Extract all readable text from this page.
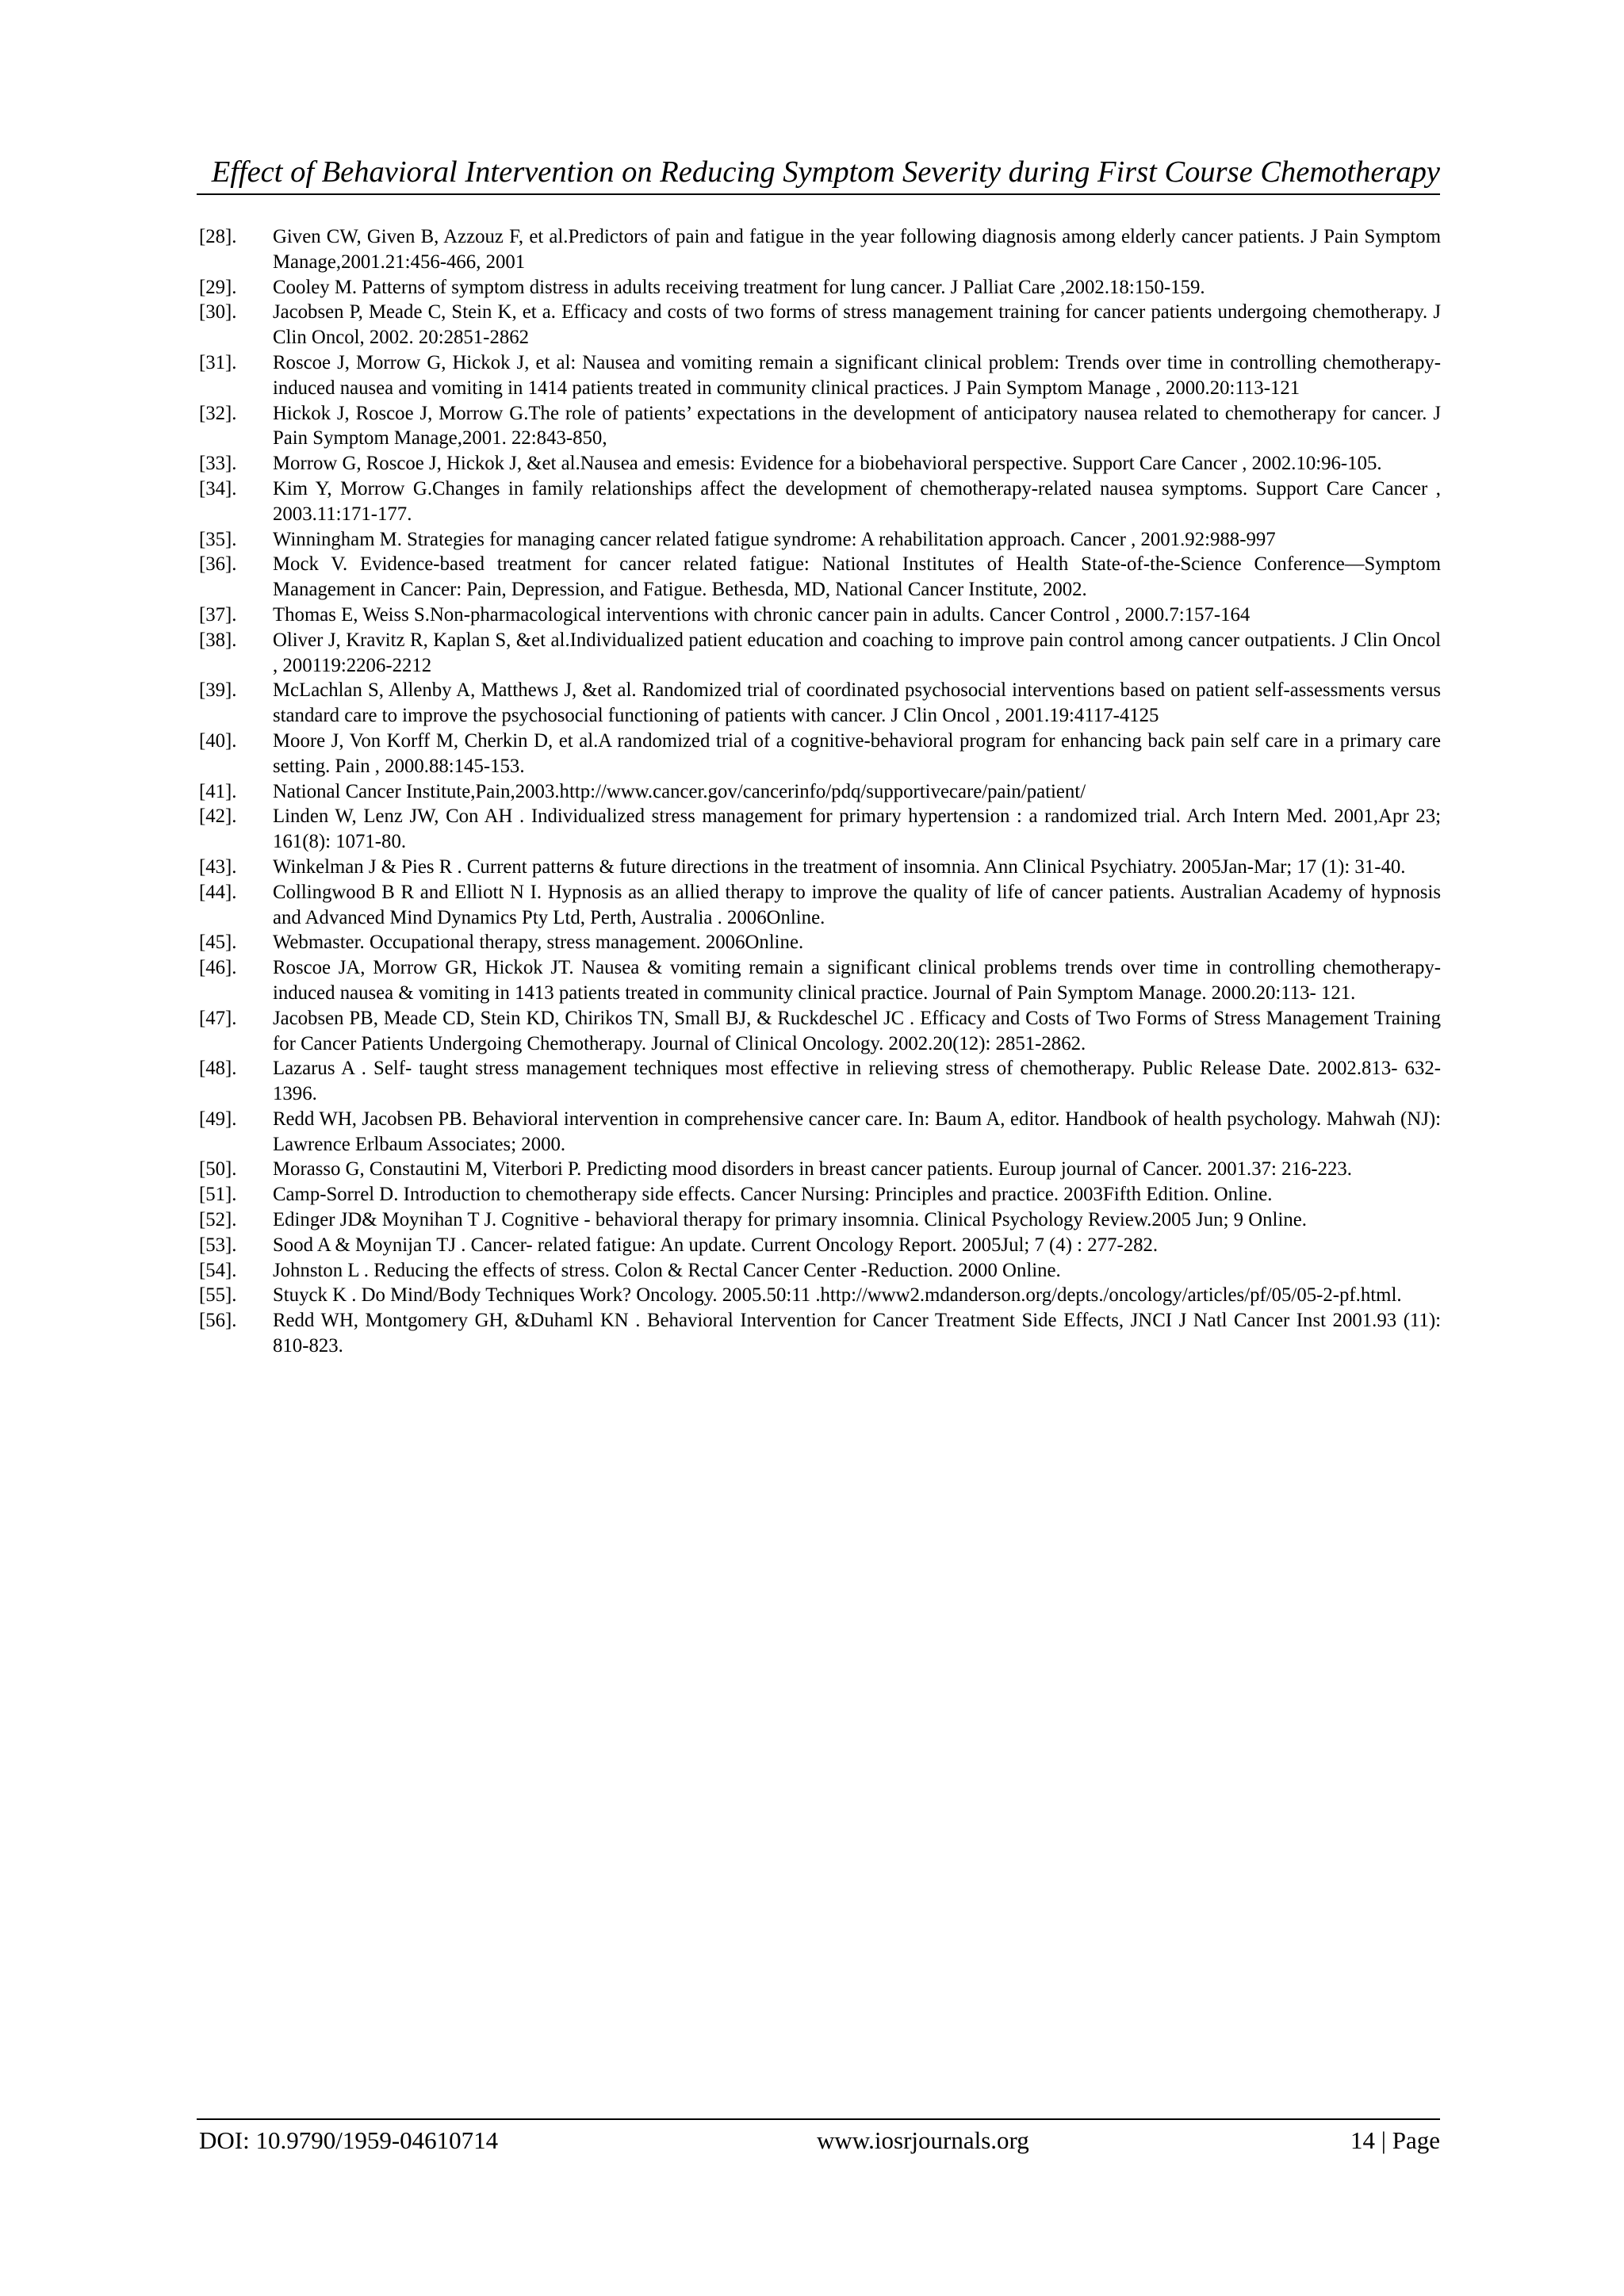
Effect of Behavioral Intervention on Reducing Symptom Severity during First Course Chemotherapy
[28]. Given CW, Given B, Azzouz F, et al.Predictors of pain and fatigue in the year following diagnosis among elderly cancer patients. J Pain Symptom Manage,2001.21:456-466, 2001
[29]. Cooley M. Patterns of symptom distress in adults receiving treatment for lung cancer. J Palliat Care ,2002.18:150-159.
[30]. Jacobsen P, Meade C, Stein K, et a. Efficacy and costs of two forms of stress management training for cancer patients undergoing chemotherapy. J Clin Oncol, 2002. 20:2851-2862
[31]. Roscoe J, Morrow G, Hickok J, et al: Nausea and vomiting remain a significant clinical problem: Trends over time in controlling chemotherapy-induced nausea and vomiting in 1414 patients treated in community clinical practices. J Pain Symptom Manage , 2000.20:113-121
[32]. Hickok J, Roscoe J, Morrow G.The role of patients’ expectations in the development of anticipatory nausea related to chemotherapy for cancer. J Pain Symptom Manage,2001. 22:843-850,
[33]. Morrow G, Roscoe J, Hickok J, &et al.Nausea and emesis: Evidence for a biobehavioral perspective. Support Care Cancer , 2002.10:96-105.
[34]. Kim Y, Morrow G.Changes in family relationships affect the development of chemotherapy-related nausea symptoms. Support Care Cancer , 2003.11:171-177.
[35]. Winningham M. Strategies for managing cancer related fatigue syndrome: A rehabilitation approach. Cancer , 2001.92:988-997
[36]. Mock V. Evidence-based treatment for cancer related fatigue: National Institutes of Health State-of-the-Science Conference—Symptom Management in Cancer: Pain, Depression, and Fatigue. Bethesda, MD, National Cancer Institute, 2002.
[37]. Thomas E, Weiss S.Non-pharmacological interventions with chronic cancer pain in adults. Cancer Control , 2000.7:157-164
[38]. Oliver J, Kravitz R, Kaplan S, &et al.Individualized patient education and coaching to improve pain control among cancer outpatients. J Clin Oncol , 200119:2206-2212
[39]. McLachlan S, Allenby A, Matthews J, &et al. Randomized trial of coordinated psychosocial interventions based on patient self-assessments versus standard care to improve the psychosocial functioning of patients with cancer. J Clin Oncol , 2001.19:4117-4125
[40]. Moore J, Von Korff M, Cherkin D, et al.A randomized trial of a cognitive-behavioral program for enhancing back pain self care in a primary care setting. Pain , 2000.88:145-153.
[41]. National Cancer Institute,Pain,2003.http://www.cancer.gov/cancerinfo/pdq/supportivecare/pain/patient/
[42]. Linden W, Lenz JW, Con AH . Individualized stress management for primary hypertension : a randomized trial. Arch Intern Med. 2001,Apr 23; 161(8): 1071-80.
[43]. Winkelman J & Pies R . Current patterns & future directions in the treatment of insomnia. Ann Clinical Psychiatry. 2005Jan-Mar; 17 (1): 31-40.
[44]. Collingwood B R and Elliott N I. Hypnosis as an allied therapy to improve the quality of life of cancer patients. Australian Academy of hypnosis and Advanced Mind Dynamics Pty Ltd, Perth, Australia . 2006Online.
[45]. Webmaster. Occupational therapy, stress management. 2006Online.
[46]. Roscoe JA, Morrow GR, Hickok JT. Nausea & vomiting remain a significant clinical problems trends over time in controlling chemotherapy- induced nausea & vomiting in 1413 patients treated in community clinical practice. Journal of Pain Symptom Manage. 2000.20:113- 121.
[47]. Jacobsen PB, Meade CD, Stein KD, Chirikos TN, Small BJ, & Ruckdeschel JC . Efficacy and Costs of Two Forms of Stress Management Training for Cancer Patients Undergoing Chemotherapy. Journal of Clinical Oncology. 2002.20(12): 2851-2862.
[48]. Lazarus A . Self- taught stress management techniques most effective in relieving stress of chemotherapy. Public Release Date. 2002.813- 632-1396.
[49]. Redd WH, Jacobsen PB. Behavioral intervention in comprehensive cancer care. In: Baum A, editor. Handbook of health psychology. Mahwah (NJ): Lawrence Erlbaum Associates; 2000.
[50]. Morasso G, Constautini M, Viterbori P. Predicting mood disorders in breast cancer patients. Euroup journal of Cancer. 2001.37: 216-223.
[51]. Camp-Sorrel D. Introduction to chemotherapy side effects. Cancer Nursing: Principles and practice. 2003Fifth Edition. Online.
[52]. Edinger JD& Moynihan T J. Cognitive - behavioral therapy for primary insomnia. Clinical Psychology Review.2005 Jun; 9 Online.
[53]. Sood A & Moynijan TJ . Cancer- related fatigue: An update. Current Oncology Report. 2005Jul; 7 (4) : 277-282.
[54]. Johnston L . Reducing the effects of stress. Colon & Rectal Cancer Center -Reduction. 2000 Online.
[55]. Stuyck K . Do Mind/Body Techniques Work? Oncology. 2005.50:11 .http://www2.mdanderson.org/depts./oncology/articles/pf/05/05-2-pf.html.
[56]. Redd WH, Montgomery GH, &Duhaml KN . Behavioral Intervention for Cancer Treatment Side Effects, JNCI J Natl Cancer Inst 2001.93 (11): 810-823.
DOI: 10.9790/1959-04610714	www.iosrjournals.org	14 | Page
